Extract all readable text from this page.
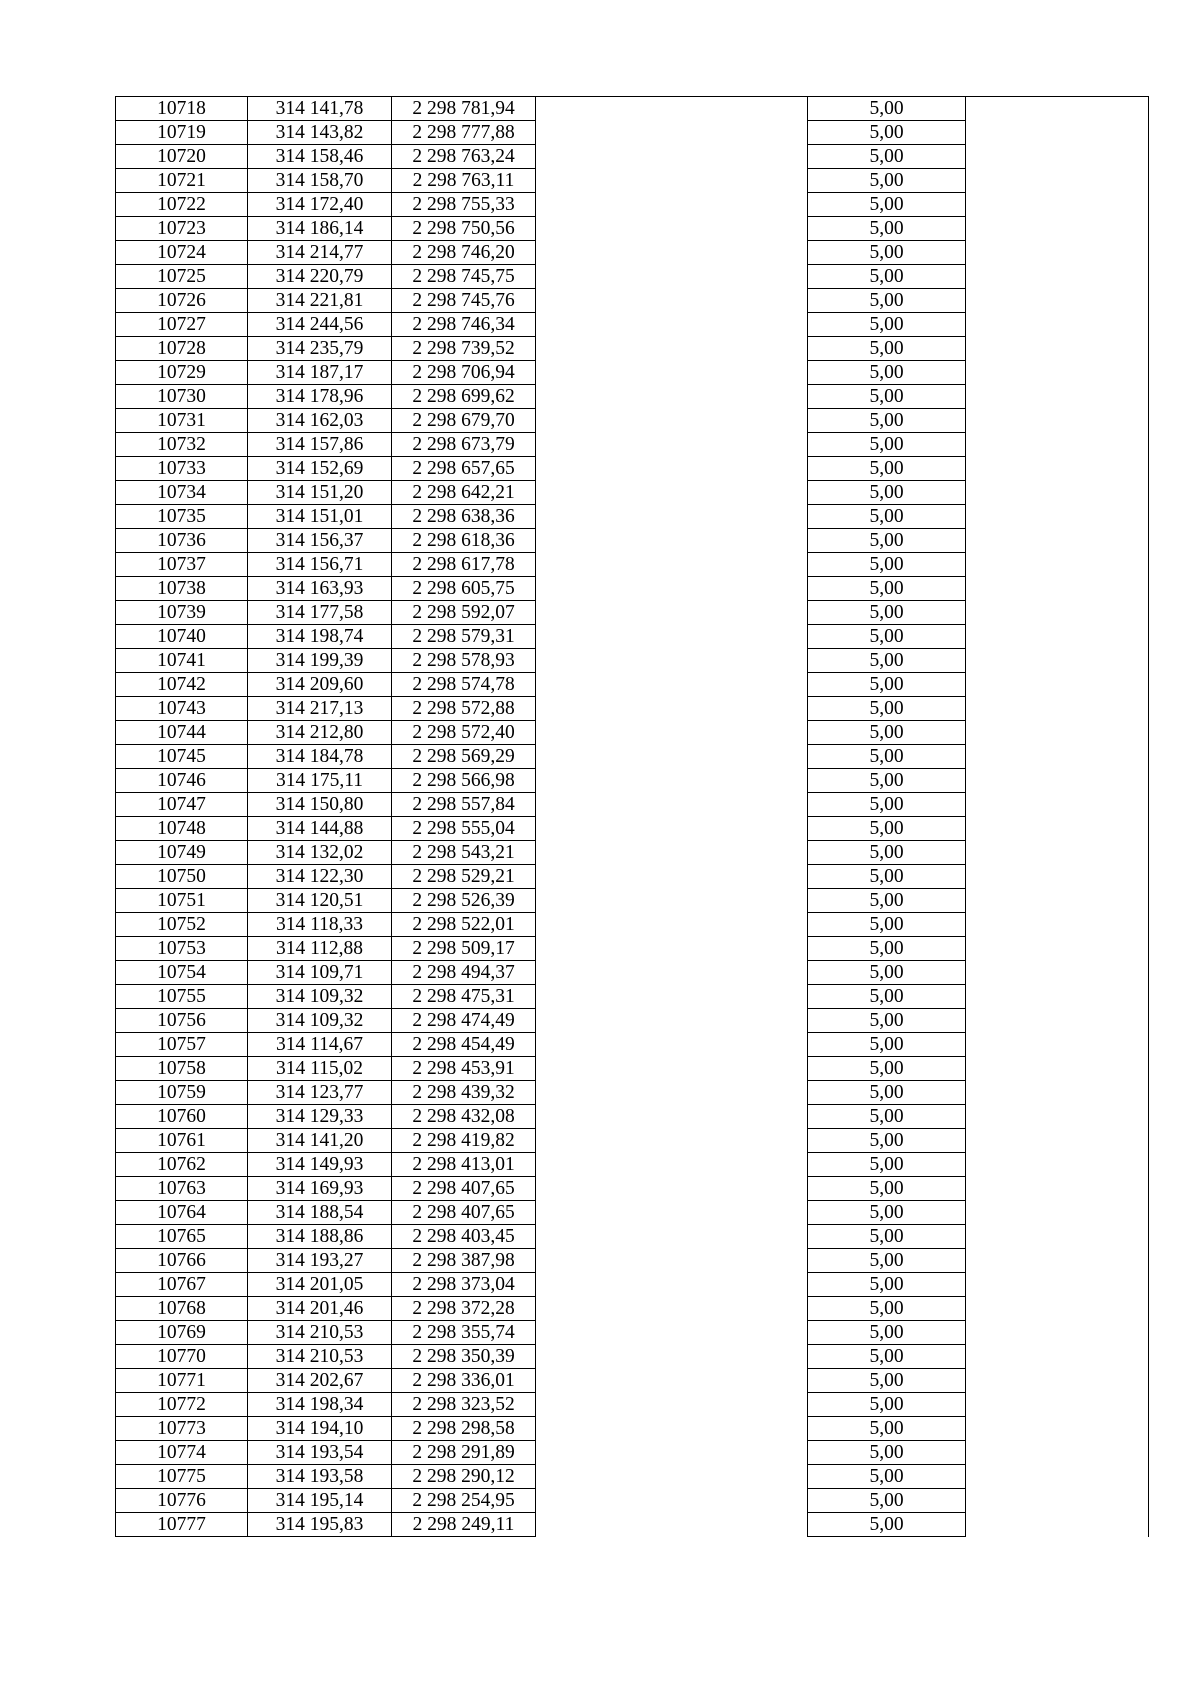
10718	314 141,78	2 298 781,94		5,00	
10719	314 143,82	2 298 777,88		5,00	
10720	314 158,46	2 298 763,24		5,00	
10721	314 158,70	2 298 763,11		5,00	
10722	314 172,40	2 298 755,33		5,00	
10723	314 186,14	2 298 750,56		5,00	
10724	314 214,77	2 298 746,20		5,00	
10725	314 220,79	2 298 745,75		5,00	
10726	314 221,81	2 298 745,76		5,00	
10727	314 244,56	2 298 746,34		5,00	
10728	314 235,79	2 298 739,52		5,00	
10729	314 187,17	2 298 706,94		5,00	
10730	314 178,96	2 298 699,62		5,00	
10731	314 162,03	2 298 679,70		5,00	
10732	314 157,86	2 298 673,79		5,00	
10733	314 152,69	2 298 657,65		5,00	
10734	314 151,20	2 298 642,21		5,00	
10735	314 151,01	2 298 638,36		5,00	
10736	314 156,37	2 298 618,36		5,00	
10737	314 156,71	2 298 617,78		5,00	
10738	314 163,93	2 298 605,75		5,00	
10739	314 177,58	2 298 592,07		5,00	
10740	314 198,74	2 298 579,31		5,00	
10741	314 199,39	2 298 578,93		5,00	
10742	314 209,60	2 298 574,78		5,00	
10743	314 217,13	2 298 572,88		5,00	
10744	314 212,80	2 298 572,40		5,00	
10745	314 184,78	2 298 569,29		5,00	
10746	314 175,11	2 298 566,98		5,00	
10747	314 150,80	2 298 557,84		5,00	
10748	314 144,88	2 298 555,04		5,00	
10749	314 132,02	2 298 543,21		5,00	
10750	314 122,30	2 298 529,21		5,00	
10751	314 120,51	2 298 526,39		5,00	
10752	314 118,33	2 298 522,01		5,00	
10753	314 112,88	2 298 509,17		5,00	
10754	314 109,71	2 298 494,37		5,00	
10755	314 109,32	2 298 475,31		5,00	
10756	314 109,32	2 298 474,49		5,00	
10757	314 114,67	2 298 454,49		5,00	
10758	314 115,02	2 298 453,91		5,00	
10759	314 123,77	2 298 439,32		5,00	
10760	314 129,33	2 298 432,08		5,00	
10761	314 141,20	2 298 419,82		5,00	
10762	314 149,93	2 298 413,01		5,00	
10763	314 169,93	2 298 407,65		5,00	
10764	314 188,54	2 298 407,65		5,00	
10765	314 188,86	2 298 403,45		5,00	
10766	314 193,27	2 298 387,98		5,00	
10767	314 201,05	2 298 373,04		5,00	
10768	314 201,46	2 298 372,28		5,00	
10769	314 210,53	2 298 355,74		5,00	
10770	314 210,53	2 298 350,39		5,00	
10771	314 202,67	2 298 336,01		5,00	
10772	314 198,34	2 298 323,52		5,00	
10773	314 194,10	2 298 298,58		5,00	
10774	314 193,54	2 298 291,89		5,00	
10775	314 193,58	2 298 290,12		5,00	
10776	314 195,14	2 298 254,95		5,00	
10777	314 195,83	2 298 249,11		5,00	
